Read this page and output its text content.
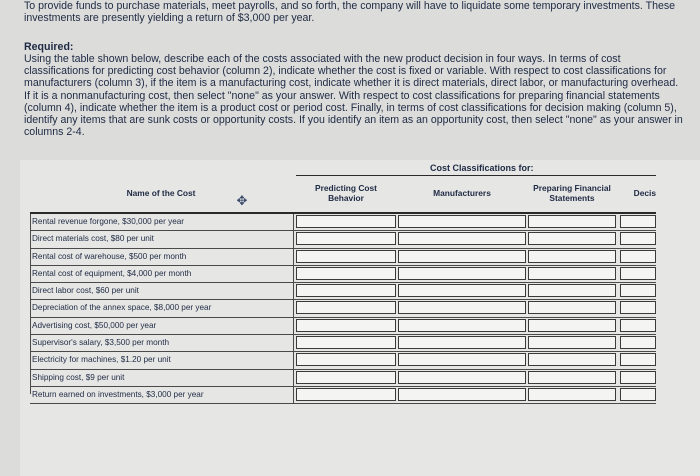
To provide funds to purchase materials, meet payrolls, and so forth, the company will have to liquidate some temporary investments. These investments are presently yielding a return of $3,000 per year.
Required:
Using the table shown below, describe each of the costs associated with the new product decision in four ways. In terms of cost classifications for predicting cost behavior (column 2), indicate whether the cost is fixed or variable. With respect to cost classifications for manufacturers (column 3), if the item is a manufacturing cost, indicate whether it is direct materials, direct labor, or manufacturing overhead. If it is a nonmanufacturing cost, then select "none" as your answer. With respect to cost classifications for preparing financial statements (column 4), indicate whether the item is a product cost or period cost. Finally, in terms of cost classifications for decision making (column 5), identify any items that are sunk costs or opportunity costs. If you identify an item as an opportunity cost, then select "none" as your answer in columns 2-4.
Cost Classifications for:
Name of the Cost	Predicting Cost Behavior	Manufacturers	Preparing Financial Statements	Decis
✥
Rental revenue forgone, $30,000 per year
Direct materials cost, $80 per unit
Rental cost of warehouse, $500 per month
Rental cost of equipment, $4,000 per month
Direct labor cost, $60 per unit
Depreciation of the annex space, $8,000 per year
Advertising cost, $50,000 per year
Supervisor's salary, $3,500 per month
Electricity for machines, $1.20 per unit
Shipping cost, $9 per unit
Return earned on investments, $3,000 per year
